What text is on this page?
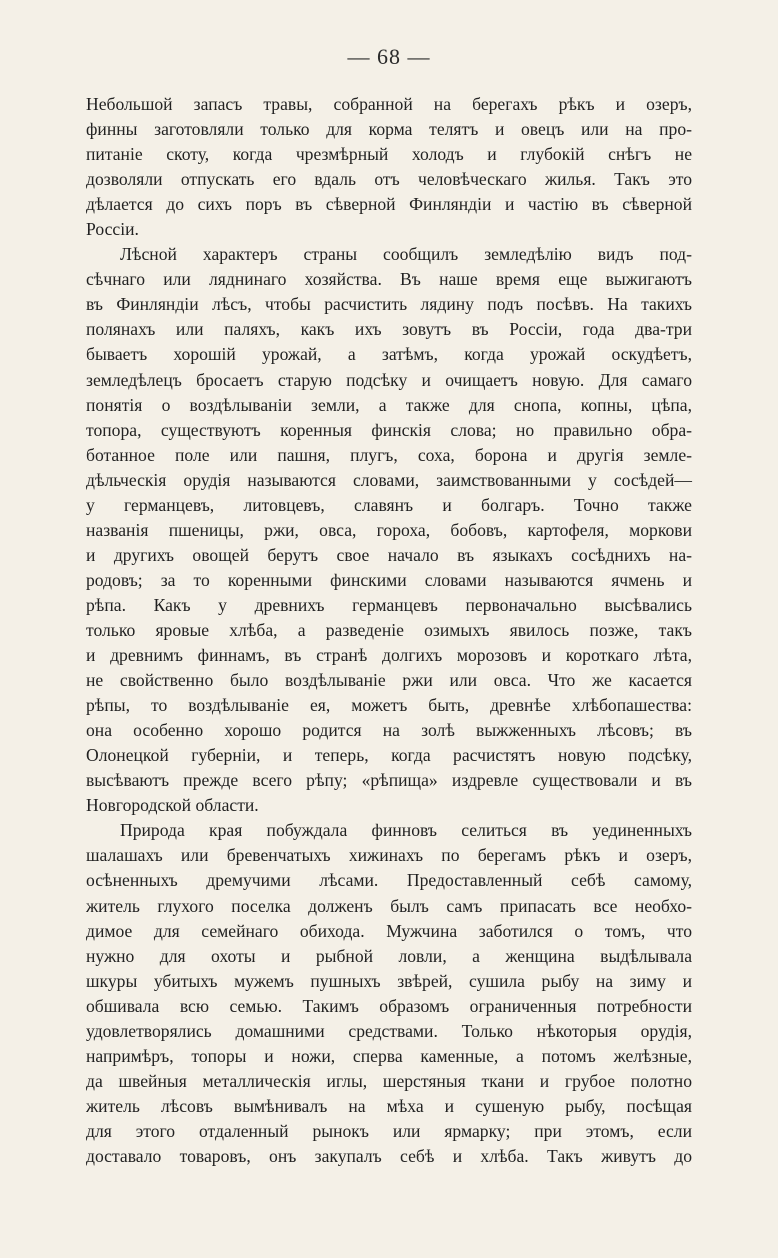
— 68 —
Небольшой запасъ травы, собранной на берегахъ рѣкъ и озеръ,
финны заготовляли только для корма телятъ и овецъ или на про-
питаніе скоту, когда чрезмѣрный холодъ и глубокій снѣгъ не
дозволяли отпускать его вдаль отъ человѣческаго жилья. Такъ это
дѣлается до сихъ поръ въ сѣверной Финляндіи и частію въ сѣверной
Россіи.
Лѣсной характеръ страны сообщилъ земледѣлію видъ под-
сѣчнаго или ляднинаго хозяйства. Въ наше время еще выжигаютъ
въ Финляндіи лѣсъ, чтобы расчистить лядину подъ посѣвъ. На такихъ
полянахъ или паляхъ, какъ ихъ зовутъ въ Россіи, года два-три
бываетъ хорошій урожай, а затѣмъ, когда урожай оскудѣетъ,
земледѣлецъ бросаетъ старую подсѣку и очищаетъ новую. Для самаго
понятія о воздѣлываніи земли, а также для снопа, копны, цѣпа,
топора, существуютъ коренныя финскія слова; но правильно обра-
ботанное поле или пашня, плугъ, соха, борона и другія земле-
дѣльческія орудія называются словами, заимствованными у сосѣдей—
у германцевъ, литовцевъ, славянъ и болгаръ. Точно также
названія пшеницы, ржи, овса, гороха, бобовъ, картофеля, моркови
и другихъ овощей берутъ свое начало въ языкахъ сосѣднихъ на-
родовъ; за то коренными финскими словами называются ячмень и
рѣпа. Какъ у древнихъ германцевъ первоначально высѣвались
только яровые хлѣба, а разведеніе озимыхъ явилось позже, такъ
и древнимъ финнамъ, въ странѣ долгихъ морозовъ и короткаго лѣта,
не свойственно было воздѣлываніе ржи или овса. Что же касается
рѣпы, то воздѣлываніе ея, можетъ быть, древнѣе хлѣбопашества:
она особенно хорошо родится на золѣ выжженныхъ лѣсовъ; въ
Олонецкой губерніи, и теперь, когда расчистятъ новую подсѣку,
высѣваютъ прежде всего рѣпу; «рѣпища» издревле существовали и въ
Новгородской области.
Природа края побуждала финновъ селиться въ уединенныхъ
шалашахъ или бревенчатыхъ хижинахъ по берегамъ рѣкъ и озеръ,
осѣненныхъ дремучими лѣсами. Предоставленный себѣ самому,
житель глухого поселка долженъ былъ самъ припасать все необхо-
димое для семейнаго обихода. Мужчина заботился о томъ, что
нужно для охоты и рыбной ловли, а женщина выдѣлывала
шкуры убитыхъ мужемъ пушныхъ звѣрей, сушила рыбу на зиму и
обшивала всю семью. Такимъ образомъ ограниченныя потребности
удовлетворялись домашними средствами. Только нѣкоторыя орудія,
напримѣръ, топоры и ножи, сперва каменные, а потомъ желѣзные,
да швейныя металлическія иглы, шерстяныя ткани и грубое полотно
житель лѣсовъ вымѣнивалъ на мѣха и сушеную рыбу, посѣщая
для этого отдаленный рынокъ или ярмарку; при этомъ, если
доставало товаровъ, онъ закупалъ себѣ и хлѣба. Такъ живутъ до
